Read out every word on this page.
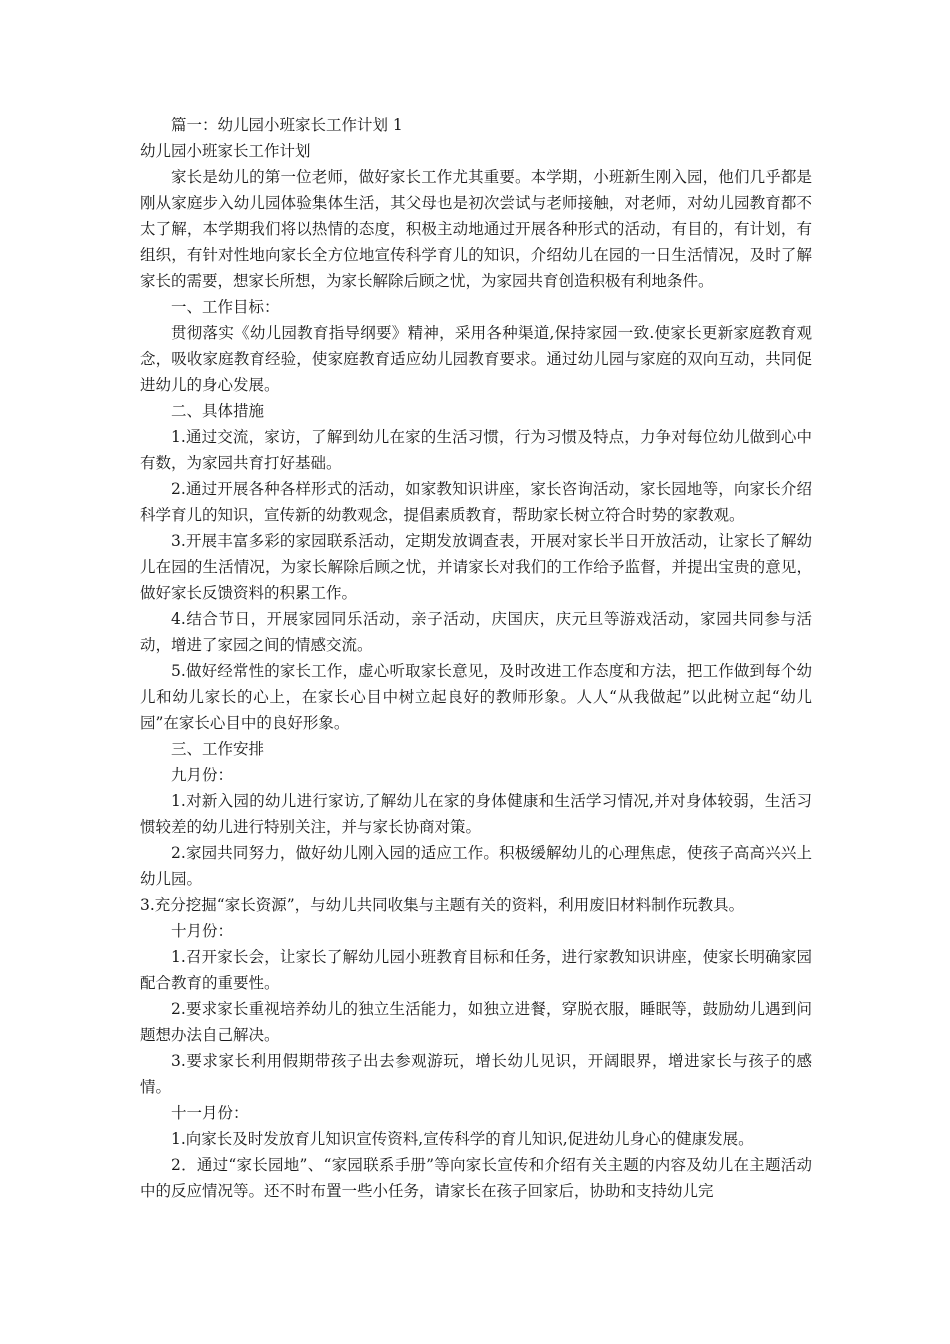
篇一：幼儿园小班家长工作计划 1

幼儿园小班家长工作计划

家长是幼儿的第一位老师，做好家长工作尤其重要。本学期，小班新生刚入园，他们几乎都是刚从家庭步入幼儿园体验集体生活，其父母也是初次尝试与老师接触，对老师，对幼儿园教育都不太了解，本学期我们将以热情的态度，积极主动地通过开展各种形式的活动，有目的，有计划，有组织，有针对性地向家长全方位地宣传科学育儿的知识，介绍幼儿在园的一日生活情况，及时了解家长的需要，想家长所想，为家长解除后顾之忧，为家园共育创造积极有利地条件。

一、工作目标：

贯彻落实《幼儿园教育指导纲要》精神，采用各种渠道,保持家园一致.使家长更新家庭教育观念，吸收家庭教育经验，使家庭教育适应幼儿园教育要求。通过幼儿园与家庭的双向互动，共同促进幼儿的身心发展。

二、具体措施

1.通过交流，家访，了解到幼儿在家的生活习惯，行为习惯及特点，力争对每位幼儿做到心中有数，为家园共育打好基础。

2.通过开展各种各样形式的活动，如家教知识讲座，家长咨询活动，家长园地等，向家长介绍科学育儿的知识，宣传新的幼教观念，提倡素质教育，帮助家长树立符合时势的家教观。

3.开展丰富多彩的家园联系活动，定期发放调查表，开展对家长半日开放活动，让家长了解幼儿在园的生活情况，为家长解除后顾之忧，并请家长对我们的工作给予监督，并提出宝贵的意见，做好家长反馈资料的积累工作。

4.结合节日，开展家园同乐活动，亲子活动，庆国庆，庆元旦等游戏活动，家园共同参与活动，增进了家园之间的情感交流。

5.做好经常性的家长工作，虚心听取家长意见，及时改进工作态度和方法，把工作做到每个幼儿和幼儿家长的心上，在家长心目中树立起良好的教师形象。人人“从我做起”以此树立起“幼儿园”在家长心目中的良好形象。

三、工作安排

九月份：

1.对新入园的幼儿进行家访,了解幼儿在家的身体健康和生活学习情况,并对身体较弱，生活习惯较差的幼儿进行特别关注，并与家长协商对策。

2.家园共同努力，做好幼儿刚入园的适应工作。积极缓解幼儿的心理焦虑，使孩子高高兴兴上幼儿园。

3.充分挖掘“家长资源”，与幼儿共同收集与主题有关的资料，利用废旧材料制作玩教具。

十月份：

1.召开家长会，让家长了解幼儿园小班教育目标和任务，进行家教知识讲座，使家长明确家园配合教育的重要性。

2.要求家长重视培养幼儿的独立生活能力，如独立进餐，穿脱衣服，睡眠等，鼓励幼儿遇到问题想办法自己解决。

3.要求家长利用假期带孩子出去参观游玩，增长幼儿见识，开阔眼界，增进家长与孩子的感情。

十一月份：

1.向家长及时发放育儿知识宣传资料,宣传科学的育儿知识,促进幼儿身心的健康发展。

2．通过“家长园地”、“家园联系手册”等向家长宣传和介绍有关主题的内容及幼儿在主题活动中的反应情况等。还不时布置一些小任务，请家长在孩子回家后，协助和支持幼儿完
